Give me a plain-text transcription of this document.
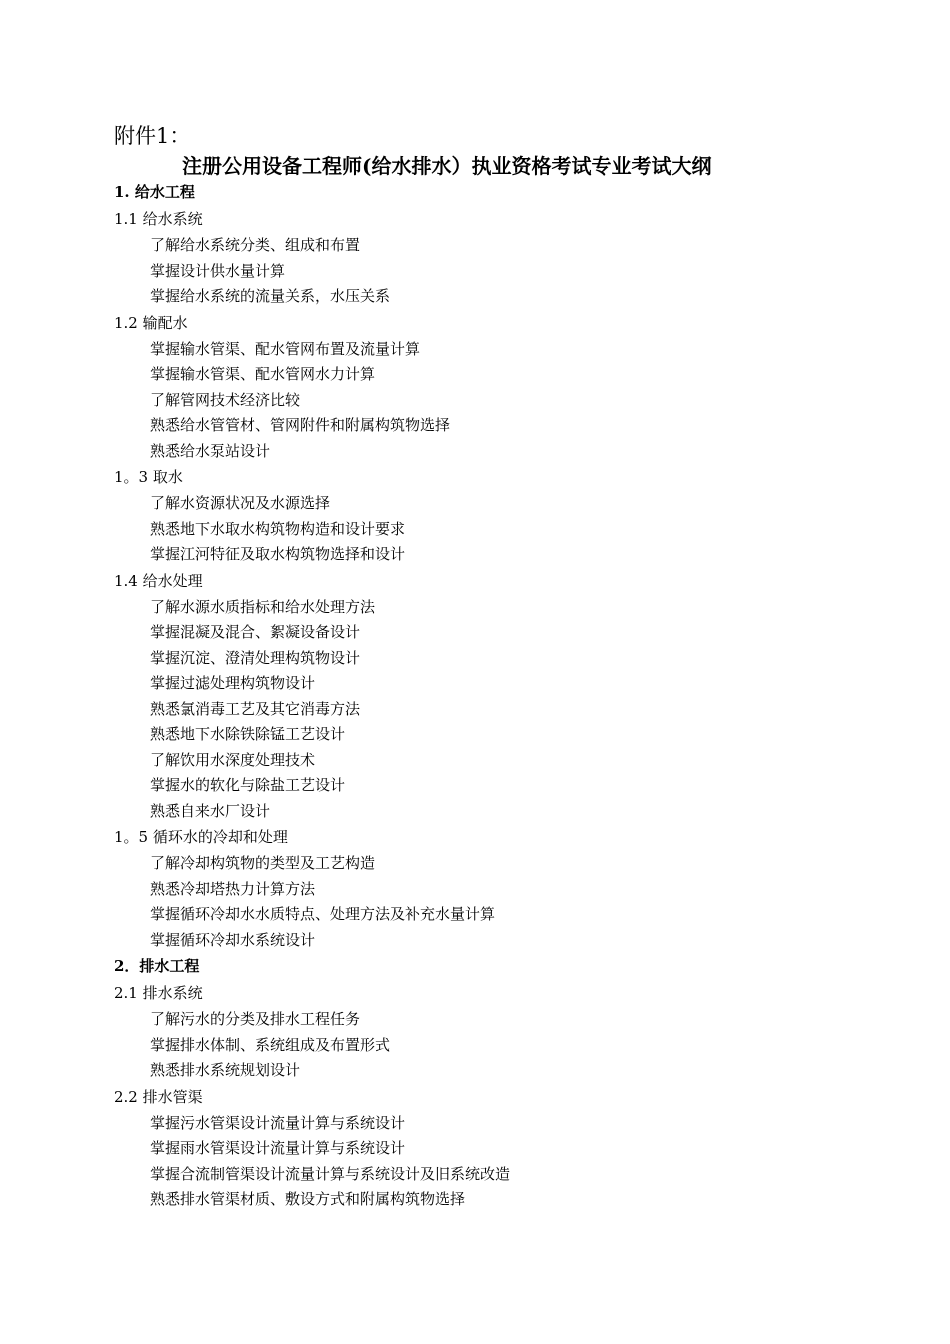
附件1：
注册公用设备工程师(给水排水）执业资格考试专业考试大纲
1. 给水工程
1.1 给水系统
了解给水系统分类、组成和布置
掌握设计供水量计算
掌握给水系统的流量关系，水压关系
1.2 输配水
掌握输水管渠、配水管网布置及流量计算
掌握输水管渠、配水管网水力计算
了解管网技术经济比较
熟悉给水管管材、管网附件和附属构筑物选择
熟悉给水泵站设计
1。3 取水
了解水资源状况及水源选择
熟悉地下水取水构筑物构造和设计要求
掌握江河特征及取水构筑物选择和设计
1.4 给水处理
了解水源水质指标和给水处理方法
掌握混凝及混合、絮凝设备设计
掌握沉淀、澄清处理构筑物设计
掌握过滤处理构筑物设计
熟悉氯消毒工艺及其它消毒方法
熟悉地下水除铁除锰工艺设计
了解饮用水深度处理技术
掌握水的软化与除盐工艺设计
熟悉自来水厂设计
1。5 循环水的冷却和处理
了解冷却构筑物的类型及工艺构造
熟悉冷却塔热力计算方法
掌握循环冷却水水质特点、处理方法及补充水量计算
掌握循环冷却水系统设计
2．排水工程
2.1 排水系统
了解污水的分类及排水工程任务
掌握排水体制、系统组成及布置形式
熟悉排水系统规划设计
2.2 排水管渠
掌握污水管渠设计流量计算与系统设计
掌握雨水管渠设计流量计算与系统设计
掌握合流制管渠设计流量计算与系统设计及旧系统改造
熟悉排水管渠材质、敷设方式和附属构筑物选择
